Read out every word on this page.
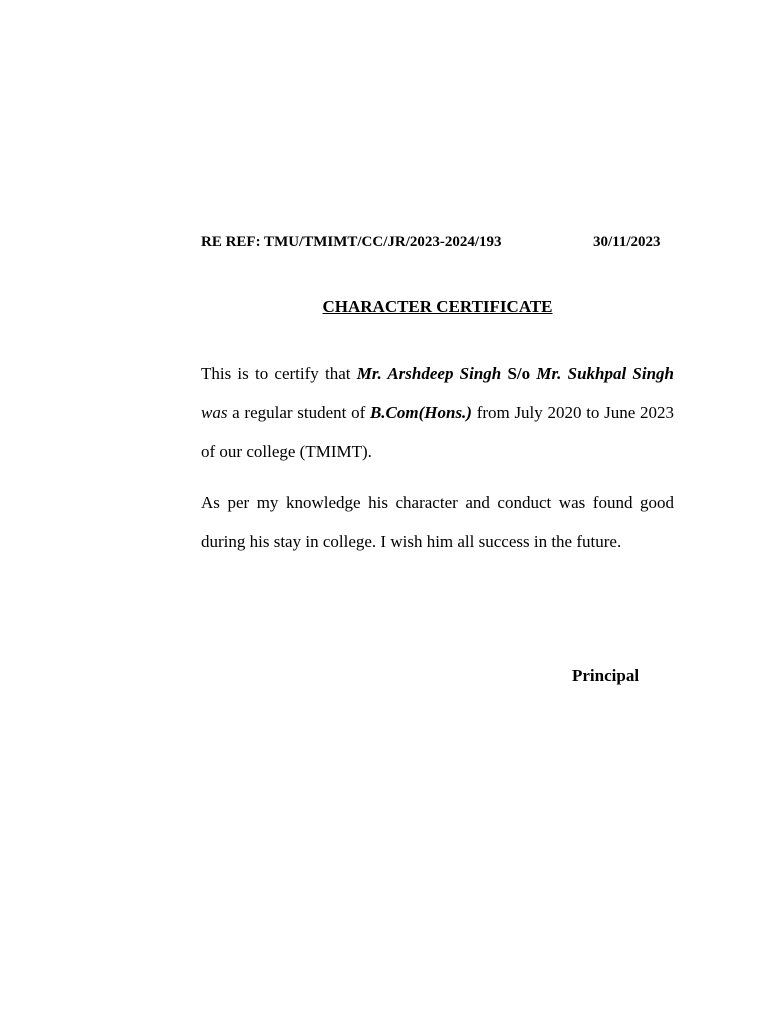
RE REF: TMU/TMIMT/CC/JR/2023-2024/193	30/11/2023
CHARACTER CERTIFICATE

This is to certify that Mr. Arshdeep Singh S/o Mr. Sukhpal Singh was a regular student of B.Com(Hons.) from July 2020 to June 2023 of our college (TMIMT).

As per my knowledge his character and conduct was found good during his stay in college. I wish him all success in the future.

Principal
